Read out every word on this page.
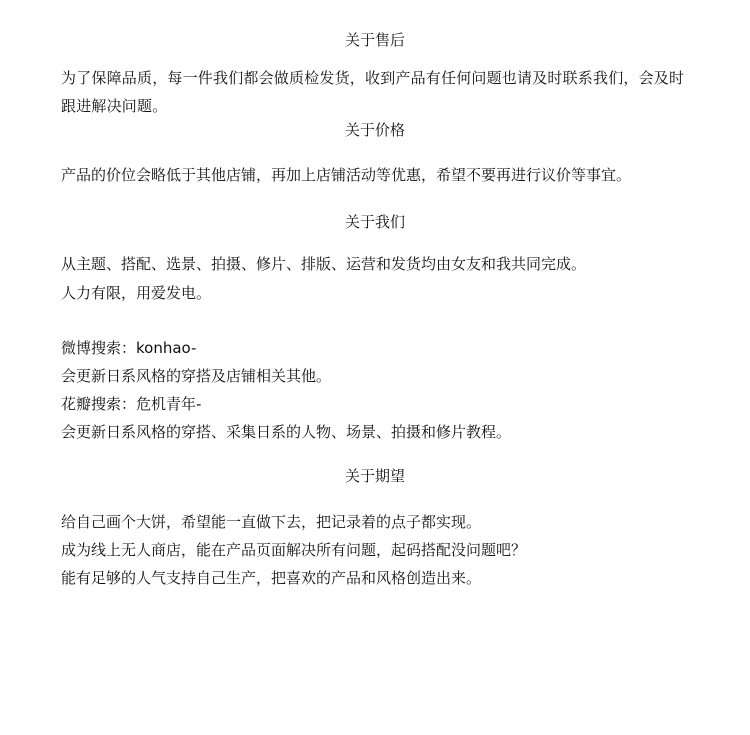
关于售后

为了保障品质，每一件我们都会做质检发货，收到产品有任何问题也请及时联系我们，会及时跟进解决问题。

关于价格

产品的价位会略低于其他店铺，再加上店铺活动等优惠，希望不要再进行议价等事宜。

关于我们

从主题、搭配、选景、拍摄、修片、排版、运营和发货均由女友和我共同完成。

人力有限，用爱发电。

微博搜索：konhao-

会更新日系风格的穿搭及店铺相关其他。

花瓣搜索：危机青年-

会更新日系风格的穿搭、采集日系的人物、场景、拍摄和修片教程。

关于期望

给自己画个大饼，希望能一直做下去，把记录着的点子都实现。

成为线上无人商店，能在产品页面解决所有问题，起码搭配没问题吧？

能有足够的人气支持自己生产，把喜欢的产品和风格创造出来。
